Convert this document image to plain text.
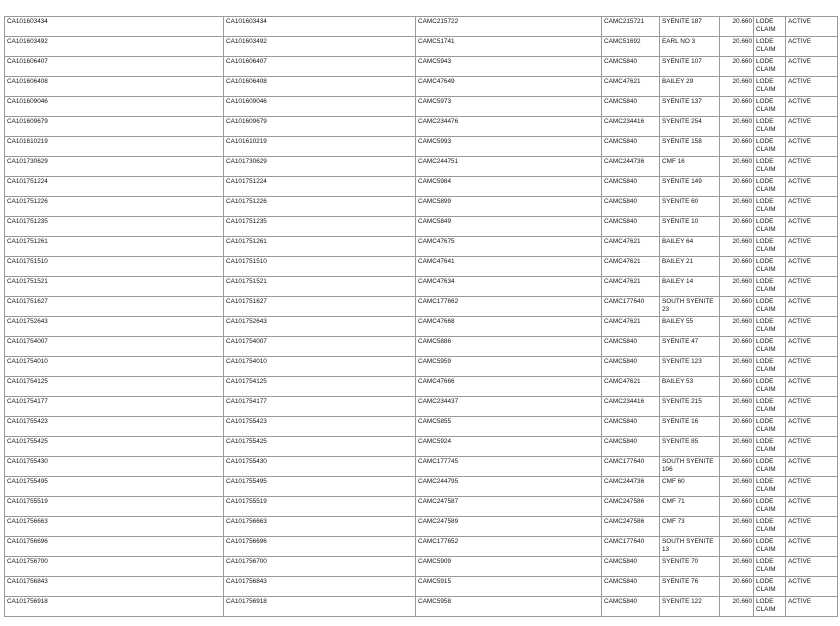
CA101603434	CA101603434	CAMC215722	CAMC215721	SYENITE 187	20.660	LODE CLAIM	ACTIVE
CA101603492	CA101603492	CAMC51741	CAMC51692	EARL NO 3	20.660	LODE CLAIM	ACTIVE
CA101606407	CA101606407	CAMC5943	CAMC5840	SYENITE 107	20.660	LODE CLAIM	ACTIVE
CA101606408	CA101606408	CAMC47649	CAMC47621	BAILEY 29	20.660	LODE CLAIM	ACTIVE
CA101609046	CA101609046	CAMC5973	CAMC5840	SYENITE 137	20.660	LODE CLAIM	ACTIVE
CA101609679	CA101609679	CAMC234476	CAMC234416	SYENITE 254	20.660	LODE CLAIM	ACTIVE
CA101610219	CA101610219	CAMC5993	CAMC5840	SYENITE 158	20.660	LODE CLAIM	ACTIVE
CA101730629	CA101730629	CAMC244751	CAMC244736	CMF 16	20.660	LODE CLAIM	ACTIVE
CA101751224	CA101751224	CAMC5984	CAMC5840	SYENITE 149	20.660	LODE CLAIM	ACTIVE
CA101751226	CA101751226	CAMC5899	CAMC5840	SYENITE 60	20.660	LODE CLAIM	ACTIVE
CA101751235	CA101751235	CAMC5849	CAMC5840	SYENITE 10	20.660	LODE CLAIM	ACTIVE
CA101751261	CA101751261	CAMC47675	CAMC47621	BAILEY 64	20.660	LODE CLAIM	ACTIVE
CA101751510	CA101751510	CAMC47641	CAMC47621	BAILEY 21	20.660	LODE CLAIM	ACTIVE
CA101751521	CA101751521	CAMC47634	CAMC47621	BAILEY 14	20.660	LODE CLAIM	ACTIVE
CA101751627	CA101751627	CAMC177662	CAMC177640	SOUTH SYENITE 23	20.660	LODE CLAIM	ACTIVE
CA101752643	CA101752643	CAMC47668	CAMC47621	BAILEY 55	20.660	LODE CLAIM	ACTIVE
CA101754007	CA101754007	CAMC5886	CAMC5840	SYENITE 47	20.660	LODE CLAIM	ACTIVE
CA101754010	CA101754010	CAMC5959	CAMC5840	SYENITE 123	20.660	LODE CLAIM	ACTIVE
CA101754125	CA101754125	CAMC47666	CAMC47621	BAILEY 53	20.660	LODE CLAIM	ACTIVE
CA101754177	CA101754177	CAMC234437	CAMC234416	SYENITE 215	20.660	LODE CLAIM	ACTIVE
CA101755423	CA101755423	CAMC5855	CAMC5840	SYENITE 16	20.660	LODE CLAIM	ACTIVE
CA101755425	CA101755425	CAMC5924	CAMC5840	SYENITE 85	20.660	LODE CLAIM	ACTIVE
CA101755430	CA101755430	CAMC177745	CAMC177640	SOUTH SYENITE 106	20.660	LODE CLAIM	ACTIVE
CA101755495	CA101755495	CAMC244795	CAMC244736	CMF 60	20.660	LODE CLAIM	ACTIVE
CA101755519	CA101755519	CAMC247587	CAMC247586	CMF 71	20.660	LODE CLAIM	ACTIVE
CA101756663	CA101756663	CAMC247589	CAMC247586	CMF 73	20.660	LODE CLAIM	ACTIVE
CA101756696	CA101756696	CAMC177652	CAMC177640	SOUTH SYENITE 13	20.660	LODE CLAIM	ACTIVE
CA101756700	CA101756700	CAMC5909	CAMC5840	SYENITE 70	20.660	LODE CLAIM	ACTIVE
CA101756843	CA101756843	CAMC5915	CAMC5840	SYENITE 76	20.660	LODE CLAIM	ACTIVE
CA101756918	CA101756918	CAMC5958	CAMC5840	SYENITE 122	20.660	LODE CLAIM	ACTIVE
